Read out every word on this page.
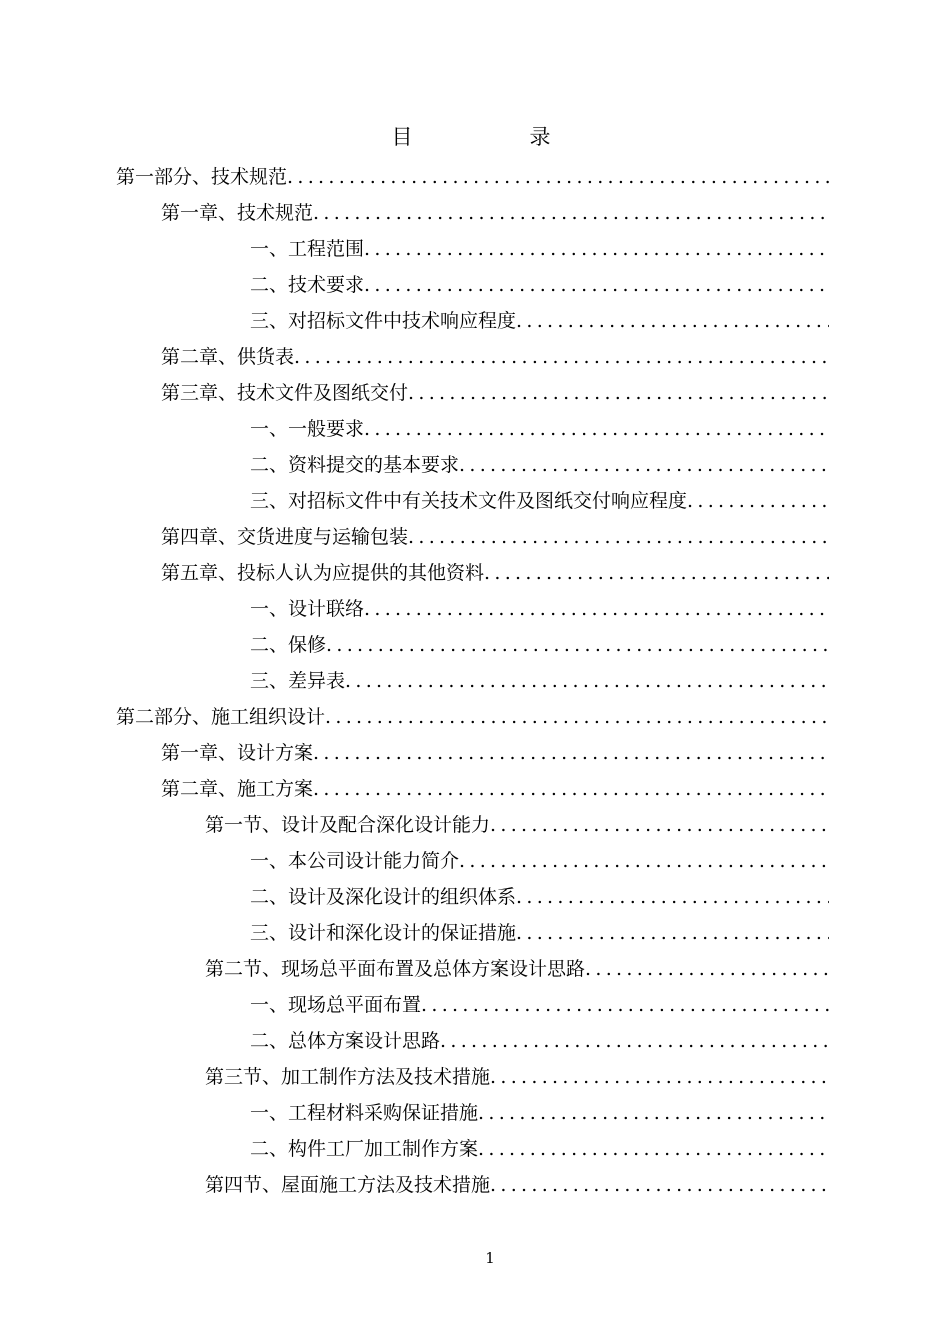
目　录
第一部分、技术规范
.....
第一章、技术规范
.....
一、工程范围
.....
二、技术要求
.....
三、对招标文件中技术响应程度
.....
第二章、供货表
.....
第三章、技术文件及图纸交付
.....
一、一般要求
.....
二、资料提交的基本要求
.....
三、对招标文件中有关技术文件及图纸交付响应程度
.....
第四章、交货进度与运输包装
.....
第五章、投标人认为应提供的其他资料
.....
一、设计联络
.....
二、保修
.....
三、差异表
.....
第二部分、施工组织设计
.....
第一章、设计方案
.....
第二章、施工方案
.....
第一节、设计及配合深化设计能力
.....
一、本公司设计能力简介
.....
二、设计及深化设计的组织体系
.....
三、设计和深化设计的保证措施
.....
第二节、现场总平面布置及总体方案设计思路
.....
一、现场总平面布置
.....
二、总体方案设计思路
.....
第三节、加工制作方法及技术措施
.....
一、工程材料采购保证措施
.....
二、构件工厂加工制作方案
.....
第四节、屋面施工方法及技术措施
.....
1
